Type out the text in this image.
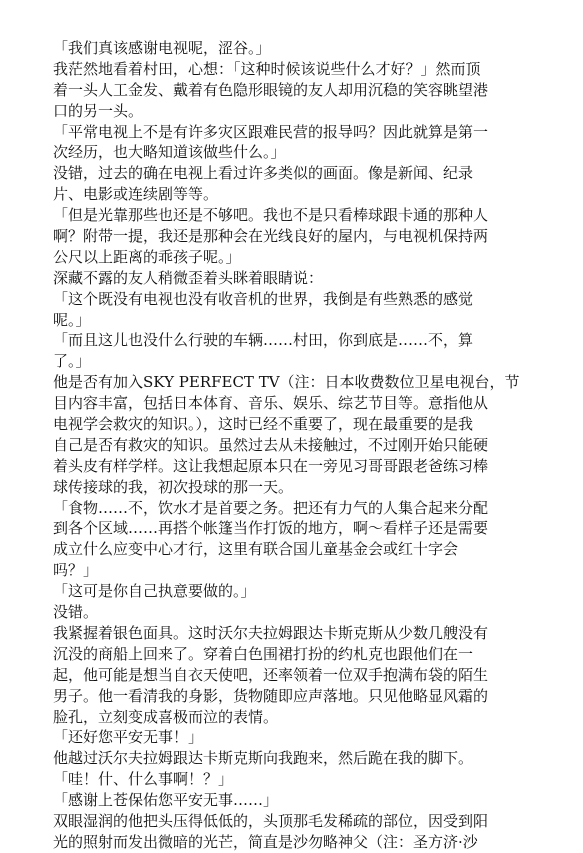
「我们真该感谢电视呢，涩谷。」
我茫然地看着村田，心想：「这种时候该说些什么才好？」然而顶
着一头人工金发、戴着有色隐形眼镜的友人却用沉稳的笑容眺望港
口的另一头。
「平常电视上不是有许多灾区跟难民营的报导吗？因此就算是第一
次经历，也大略知道该做些什么。」
没错，过去的确在电视上看过许多类似的画面。像是新闻、纪录
片、电影或连续剧等等。
「但是光靠那些也还是不够吧。我也不是只看棒球跟卡通的那种人
啊？附带一提，我还是那种会在光线良好的屋内，与电视机保持两
公尺以上距离的乖孩子呢。」
深藏不露的友人稍微歪着头眯着眼睛说：
「这个既没有电视也没有收音机的世界，我倒是有些熟悉的感觉
呢。」
「而且这儿也没什么行驶的车辆……村田，你到底是……不，算
了。」
他是否有加入SKY PERFECT TV（注：日本收费数位卫星电视台，节
目内容丰富，包括日本体育、音乐、娱乐、综艺节目等。意指他从
电视学会救灾的知识。），这时已经不重要了，现在最重要的是我
自己是否有救灾的知识。虽然过去从未接触过，不过刚开始只能硬
着头皮有样学样。这让我想起原本只在一旁见习哥哥跟老爸练习棒
球传接球的我，初次投球的那一天。
「食物……不，饮水才是首要之务。把还有力气的人集合起来分配
到各个区域……再搭个帐篷当作打饭的地方，啊～看样子还是需要
成立什么应变中心才行，这里有联合国儿童基金会或红十字会
吗？」
「这可是你自己执意要做的。」
没错。
我紧握着银色面具。这时沃尔夫拉姆跟达卡斯克斯从少数几艘没有
沉没的商船上回来了。穿着白色围裙打扮的约札克也跟他们在一
起，他可能是想当自衣天使吧，还率领着一位双手抱满布袋的陌生
男子。他一看清我的身影，货物随即应声落地。只见他略显风霜的
脸孔，立刻变成喜极而泣的表情。
「还好您平安无事！」
他越过沃尔夫拉姆跟达卡斯克斯向我跑来，然后跪在我的脚下。
「哇！什、什么事啊！？」
「感谢上苍保佑您平安无事……」
双眼湿润的他把头压得低低的，头顶那毛发稀疏的部位，因受到阳
光的照射而发出微暗的光芒，简直是沙勿略神父（注：圣方济·沙
